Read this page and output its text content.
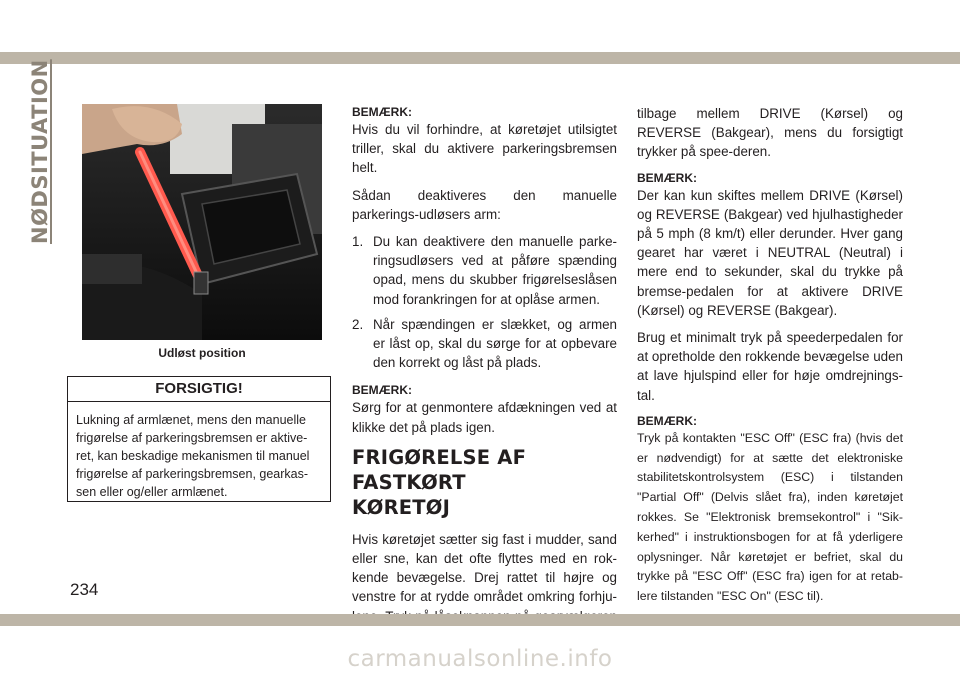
NØDSITUATION
Udløst position
FORSIGTIG!
Lukning af armlænet, mens den manuelle frigørelse af parkeringsbremsen er aktive-ret, kan beskadige mekanismen til manuel frigørelse af parkeringsbremsen, gearkas-sen eller og/eller armlænet.
BEMÆRK:

Hvis du vil forhindre, at køretøjet utilsigtet triller, skal du aktivere parkeringsbremsen helt.

Sådan deaktiveres den manuelle parkerings-udløsers arm:

1. Du kan deaktivere den manuelle parke-ringsudløsers ved at påføre spænding opad, mens du skubber frigørelseslåsen mod forankringen for at oplåse armen.
2. Når spændingen er slækket, og armen er låst op, skal du sørge for at opbevare den korrekt og låst på plads.
BEMÆRK:

Sørg for at genmontere afdækningen ved at klikke det på plads igen.

FRIGØRELSE AF FASTKØRT
KØRETØJ

Hvis køretøjet sætter sig fast i mudder, sand eller sne, kan det ofte flyttes med en rok-kende bevægelse. Drej rattet til højre og venstre for at rydde området omkring forhju-

tilbage mellem DRIVE (Kørsel) og REVERSE (Bakgear), mens du forsigtigt trykker på spee-deren.

BEMÆRK:

Der kan kun skiftes mellem DRIVE (Kørsel) og REVERSE (Bakgear) ved hjulhastigheder på 5 mph (8 km/t) eller derunder. Hver gang gearet har været i NEUTRAL (Neutral) i mere end to sekunder, skal du trykke på bremse-pedalen for at aktivere DRIVE (Kørsel) og REVERSE (Bakgear).

Brug et minimalt tryk på speederpedalen for at opretholde den rokkende bevægelse uden at lave hjulspind eller for høje omdrejnings-tal.

BEMÆRK:

Tryk på kontakten "ESC Off" (ESC fra) (hvis det er nødvendigt) for at sætte det elektroniske stabilitetskontrolsystem (ESC) i tilstanden "Partial Off" (Delvis slået fra), inden køretøjet rokkes. Se "Elektronisk bremsekontrol" i "Sik-kerhed" i instruktionsbogen for at få yderligere oplysninger. Når køretøjet er befriet, skal du trykke på "ESC Off" (ESC fra) igen for at retab-lere tilstanden "ESC On" (ESC til).

234
carmanualsonline.info
